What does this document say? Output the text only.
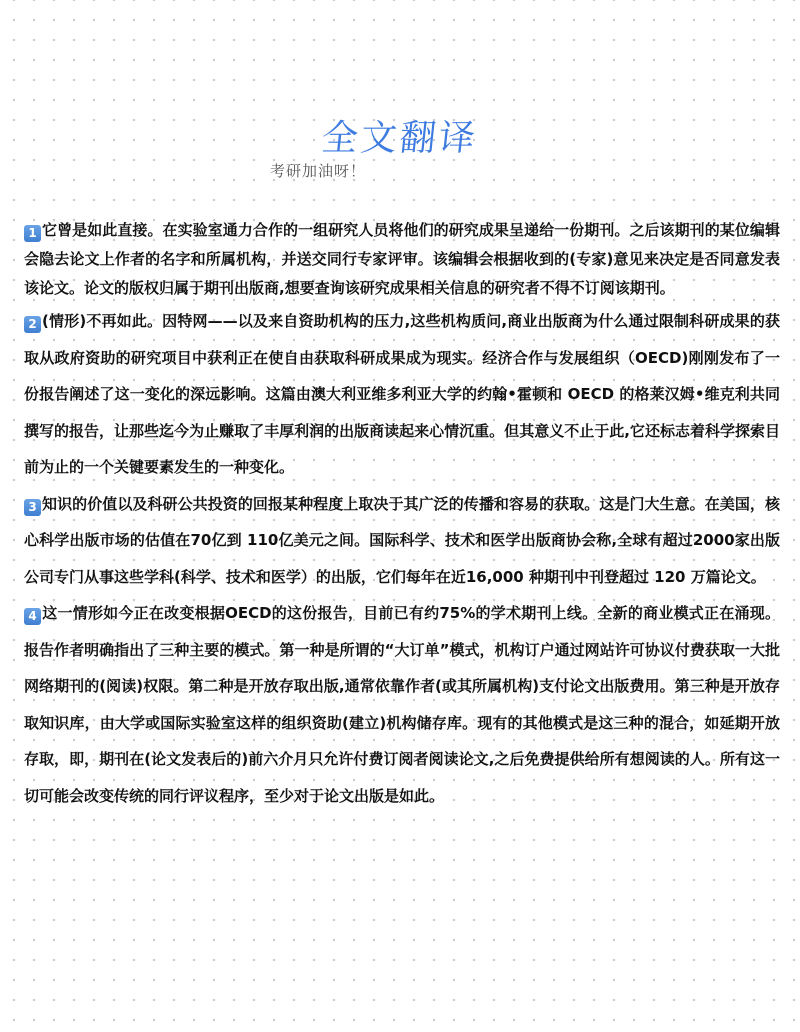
全文翻译
考研加油呀！

1 它曾是如此直接。在实验室通力合作的一组研究人员将他们的研究成果呈递给一份期刊。之后该期刊的某位编辑会隐去论文上作者的名字和所属机构，并送交同行专家评审。该编辑会根据收到的(专家)意见来决定是否同意发表该论文。论文的版权归属于期刊出版商,想要查询该研究成果相关信息的研究者不得不订阅该期刊。

2 (情形)不再如此。因特网——以及来自资助机构的压力,这些机构质问,商业出版商为什么通过限制科研成果的获取从政府资助的研究项目中获利正在使自由获取科研成果成为现实。经济合作与发展组织（OECD)刚刚发布了一份报告阐述了这一变化的深远影响。这篇由澳大利亚维多利亚大学的约翰•霍顿和 OECD 的格莱汉姆•维克利共同撰写的报告，让那些迄今为止赚取了丰厚利润的出版商读起来心情沉重。但其意义不止于此,它还标志着科学探索目前为止的一个关键要素发生的一种变化。

3 知识的价值以及科研公共投资的回报某种程度上取决于其广泛的传播和容易的获取。这是门大生意。在美国，核心科学出版市场的估值在70亿到 110亿美元之间。国际科学、技术和医学出版商协会称,全球有超过2000家出版公司专门从事这些学科(科学、技术和医学）的出版，它们每年在近16,000 种期刊中刊登超过 120 万篇论文。

4 这一情形如今正在改变根据OECD的这份报告，目前已有约75%的学术期刊上线。全新的商业模式正在涌现。报告作者明确指出了三种主要的模式。第一种是所谓的“大订单”模式，机构订户通过网站许可协议付费获取一大批网络期刊的(阅读)权限。第二种是开放存取出版,通常依靠作者(或其所属机构)支付论文出版费用。第三种是开放存取知识库，由大学或国际实验室这样的组织资助(建立)机构储存库。现有的其他模式是这三种的混合，如延期开放存取，即，期刊在(论文发表后的)前六介月只允许付费订阅者阅读论文,之后免费提供给所有想阅读的人。所有这一切可能会改变传统的同行评议程序，至少对于论文出版是如此。
